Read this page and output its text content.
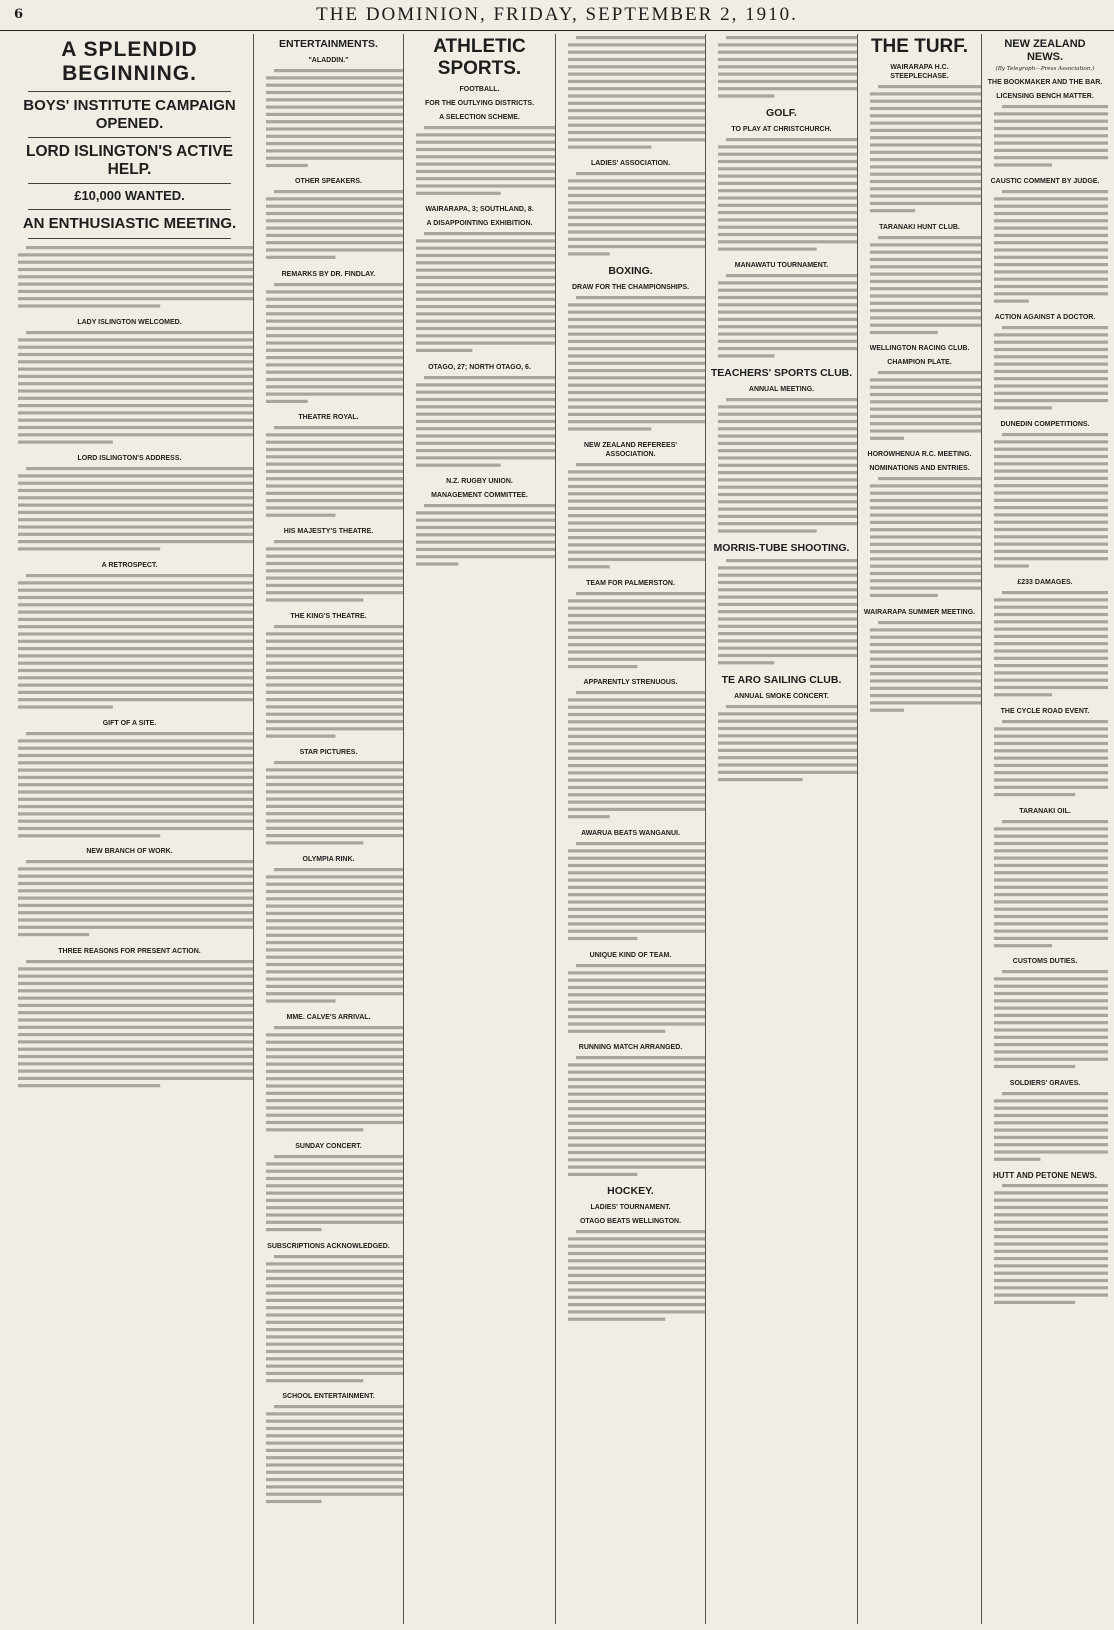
6	THE DOMINION, FRIDAY, SEPTEMBER 2, 1910.
A SPLENDID BEGINNING.
BOYS' INSTITUTE CAMPAIGN OPENED.
LORD ISLINGTON'S ACTIVE HELP.
£10,000 WANTED.
AN ENTHUSIASTIC MEETING.
LADY ISLINGTON WELCOMED.
LORD ISLINGTON'S ADDRESS.
A RETROSPECT.
GIFT OF A SITE.
NEW BRANCH OF WORK.
THREE REASONS FOR PRESENT ACTION.
ENTERTAINMENTS.
"ALADDIN."
OTHER SPEAKERS.
REMARKS BY DR. FINDLAY.
THEATRE ROYAL.
HIS MAJESTY'S THEATRE.
THE KING'S THEATRE.
STAR PICTURES.
OLYMPIA RINK.
MME. CALVE'S ARRIVAL.
SUNDAY CONCERT.
SUBSCRIPTIONS ACKNOWLEDGED.
SCHOOL ENTERTAINMENT.
ATHLETIC SPORTS.
FOOTBALL.
FOR THE OUTLYING DISTRICTS.
A SELECTION SCHEME.
WAIRARAPA, 3; SOUTHLAND, 8.
A DISAPPOINTING EXHIBITION.
OTAGO, 27; NORTH OTAGO, 6.
N.Z. RUGBY UNION.
MANAGEMENT COMMITTEE.
LADIES' ASSOCIATION.
BOXING.
DRAW FOR THE CHAMPIONSHIPS.
NEW ZEALAND REFEREES' ASSOCIATION.
TEAM FOR PALMERSTON.
APPARENTLY STRENUOUS.
AWARUA BEATS WANGANUI.
UNIQUE KIND OF TEAM.
RUNNING MATCH ARRANGED.
HOCKEY.
LADIES' TOURNAMENT.
OTAGO BEATS WELLINGTON.
GOLF.
TO PLAY AT CHRISTCHURCH.
MANAWATU TOURNAMENT.
TEACHERS' SPORTS CLUB.
ANNUAL MEETING.
MORRIS-TUBE SHOOTING.
TE ARO SAILING CLUB.
ANNUAL SMOKE CONCERT.
THE TURF.
WAIRARAPA H.C. STEEPLECHASE.
TARANAKI HUNT CLUB.
WELLINGTON RACING CLUB.
CHAMPION PLATE.
HOROWHENUA R.C. MEETING.
NOMINATIONS AND ENTRIES.
WAIRARAPA SUMMER MEETING.
NEW ZEALAND NEWS.
(By Telegraph—Press Association.)
THE BOOKMAKER AND THE BAR.
LICENSING BENCH MATTER.
CAUSTIC COMMENT BY JUDGE.
ACTION AGAINST A DOCTOR.
DUNEDIN COMPETITIONS.
£233 DAMAGES.
THE CYCLE ROAD EVENT.
TARANAKI OIL.
CUSTOMS DUTIES.
SOLDIERS' GRAVES.
HUTT AND PETONE NEWS.
